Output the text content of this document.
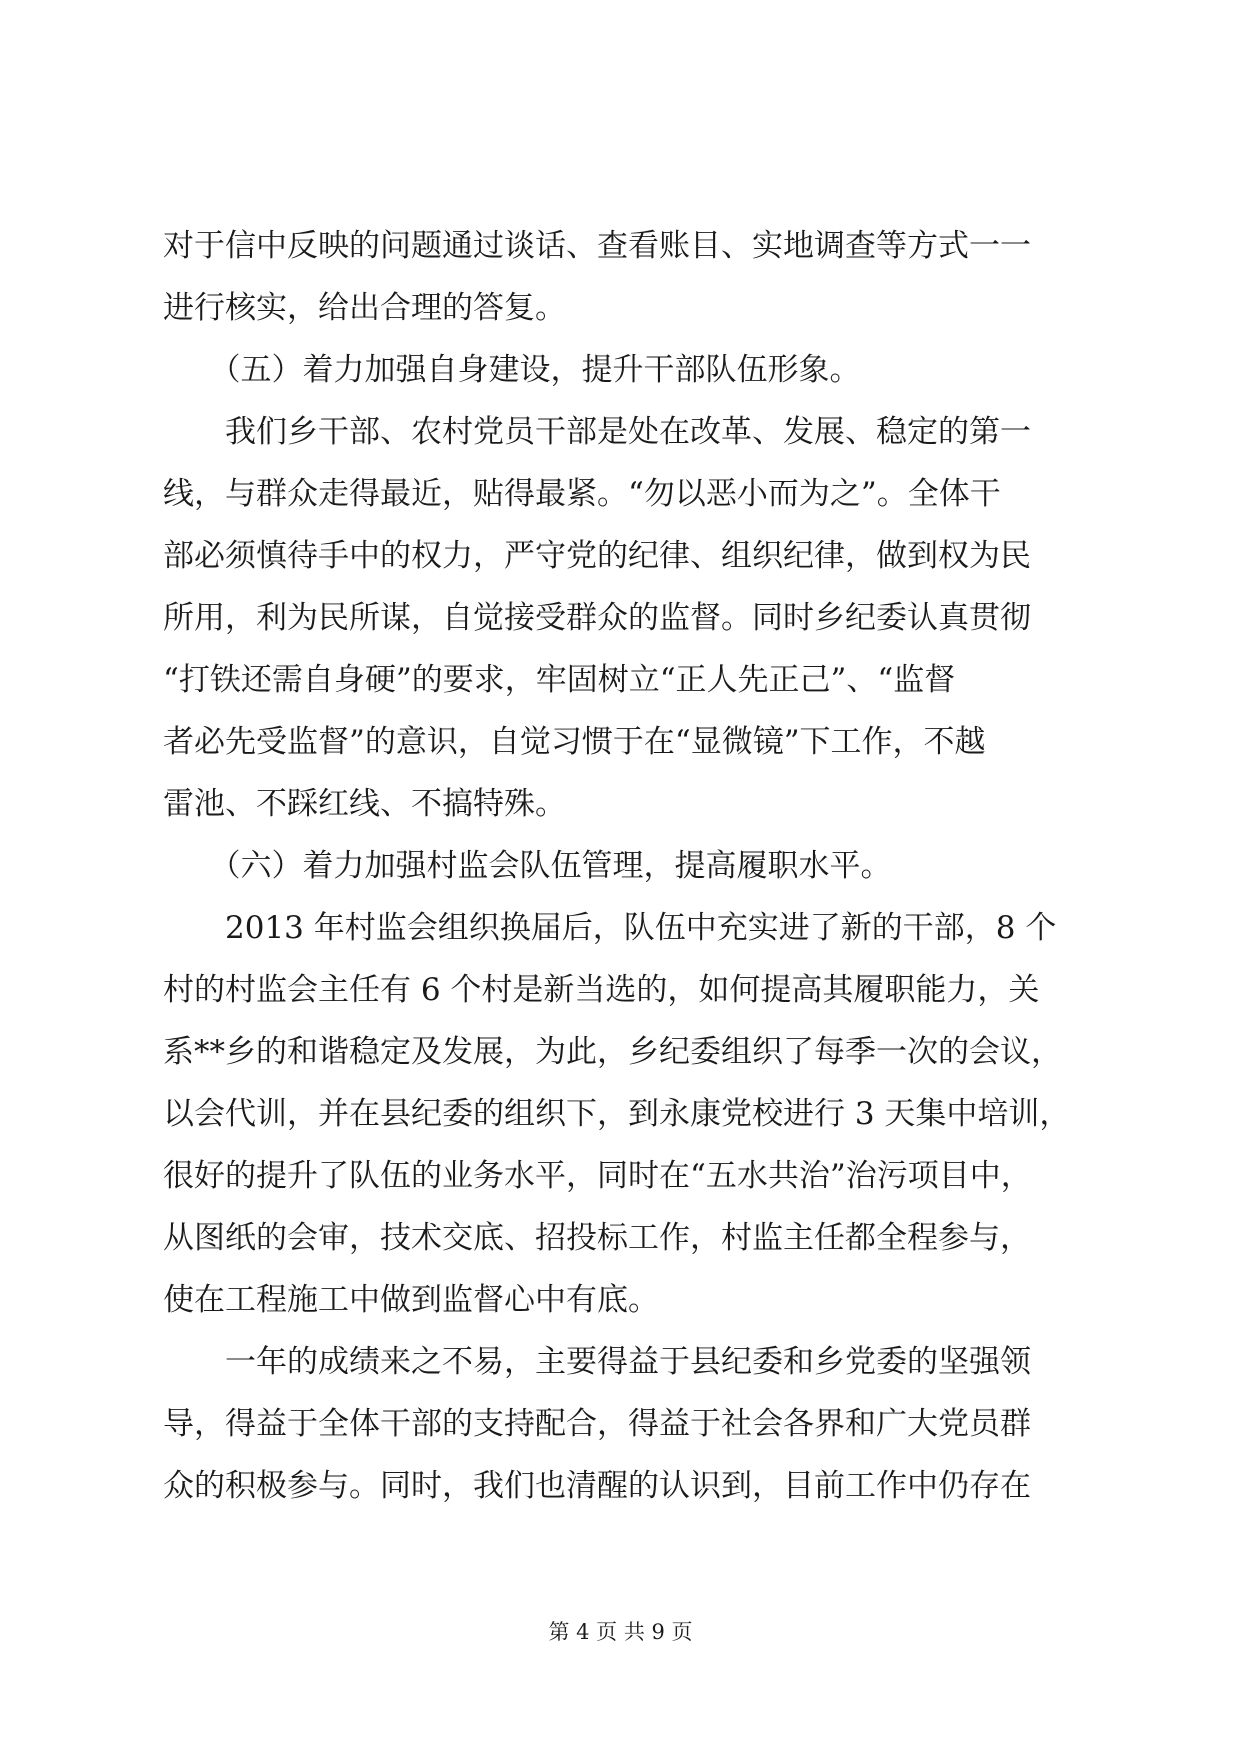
对于信中反映的问题通过谈话、查看账目、实地调查等方式一一
进行核实，给出合理的答复。
　　（五）着力加强自身建设，提升干部队伍形象。
　　我们乡干部、农村党员干部是处在改革、发展、稳定的第一
线，与群众走得最近，贴得最紧。“勿以恶小而为之”。全体干
部必须慎待手中的权力，严守党的纪律、组织纪律，做到权为民
所用，利为民所谋，自觉接受群众的监督。同时乡纪委认真贯彻
“打铁还需自身硬”的要求，牢固树立“正人先正己”、“监督
者必先受监督”的意识，自觉习惯于在“显微镜”下工作，不越
雷池、不踩红线、不搞特殊。
　　（六）着力加强村监会队伍管理，提高履职水平。
　　2013 年村监会组织换届后，队伍中充实进了新的干部，8 个
村的村监会主任有 6 个村是新当选的，如何提高其履职能力，关
系**乡的和谐稳定及发展，为此，乡纪委组织了每季一次的会议，
以会代训，并在县纪委的组织下，到永康党校进行 3 天集中培训，
很好的提升了队伍的业务水平，同时在“五水共治”治污项目中，
从图纸的会审，技术交底、招投标工作，村监主任都全程参与，
使在工程施工中做到监督心中有底。
　　一年的成绩来之不易，主要得益于县纪委和乡党委的坚强领
导，得益于全体干部的支持配合，得益于社会各界和广大党员群
众的积极参与。同时，我们也清醒的认识到，目前工作中仍存在
第 4 页 共 9 页
